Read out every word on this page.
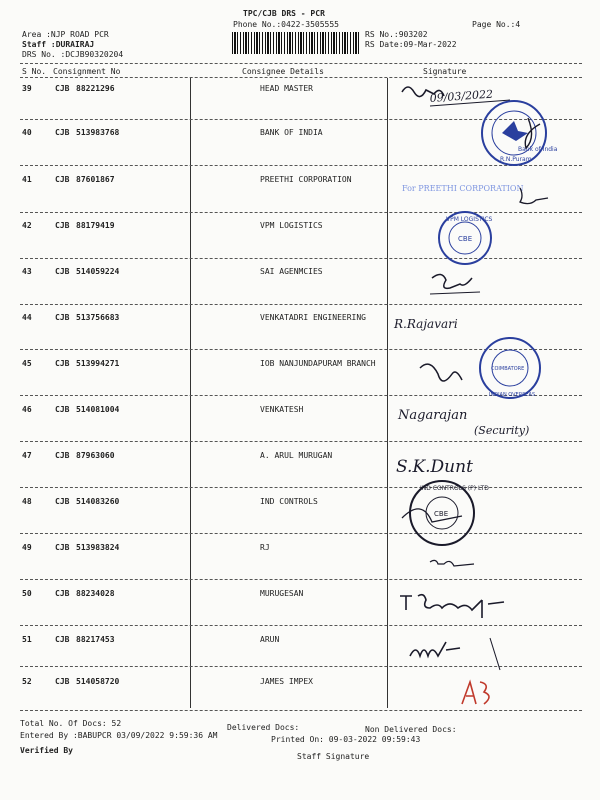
TPC/CJB DRS - PCR
Phone No.:0422-3505555	Page No.:4
Area :NJP ROAD PCR
Staff :DURAIRAJ
DRS No. :DCJB90320204
RS No.:903202
RS Date:09-Mar-2022
S No. Consignment No	Consignee Details	Signature
39	CJB 88221296	HEAD MASTER
40	CJB 513983768	BANK OF INDIA
41	CJB 87601867	PREETHI CORPORATION
42	CJB 88179419	VPM LOGISTICS
43	CJB 514059224	SAI AGENMCIES
44	CJB 513756683	VENKATADRI ENGINEERING
45	CJB 513994271	IOB NANJUNDAPURAM BRANCH
46	CJB 514081004	VENKATESH
47	CJB 87963060	A. ARUL MURUGAN
48	CJB 514083260	IND CONTROLS
49	CJB 513983824	RJ
50	CJB 88234028	MURUGESAN
51	CJB 88217453	ARUN
52	CJB 514058720	JAMES IMPEX
09/03/2022
Bank of India
R.N.Puram
For PREETHI CORPORATION
VPM LOGISTICS
CBE
R.Rajavari
COIMBATORE
INDIAN OVERSEAS
Nagarajan
(Security)
S.K.Dunt
IND CONTROLS (P) LTD
CBE
Total No. Of Docs: 52	Delivered Docs:	Non Delivered Docs:
Entered By :BABUPCR 03/09/2022 9:59:36 AM	Printed On: 09-03-2022 09:59:43
Verified By
Staff Signature
